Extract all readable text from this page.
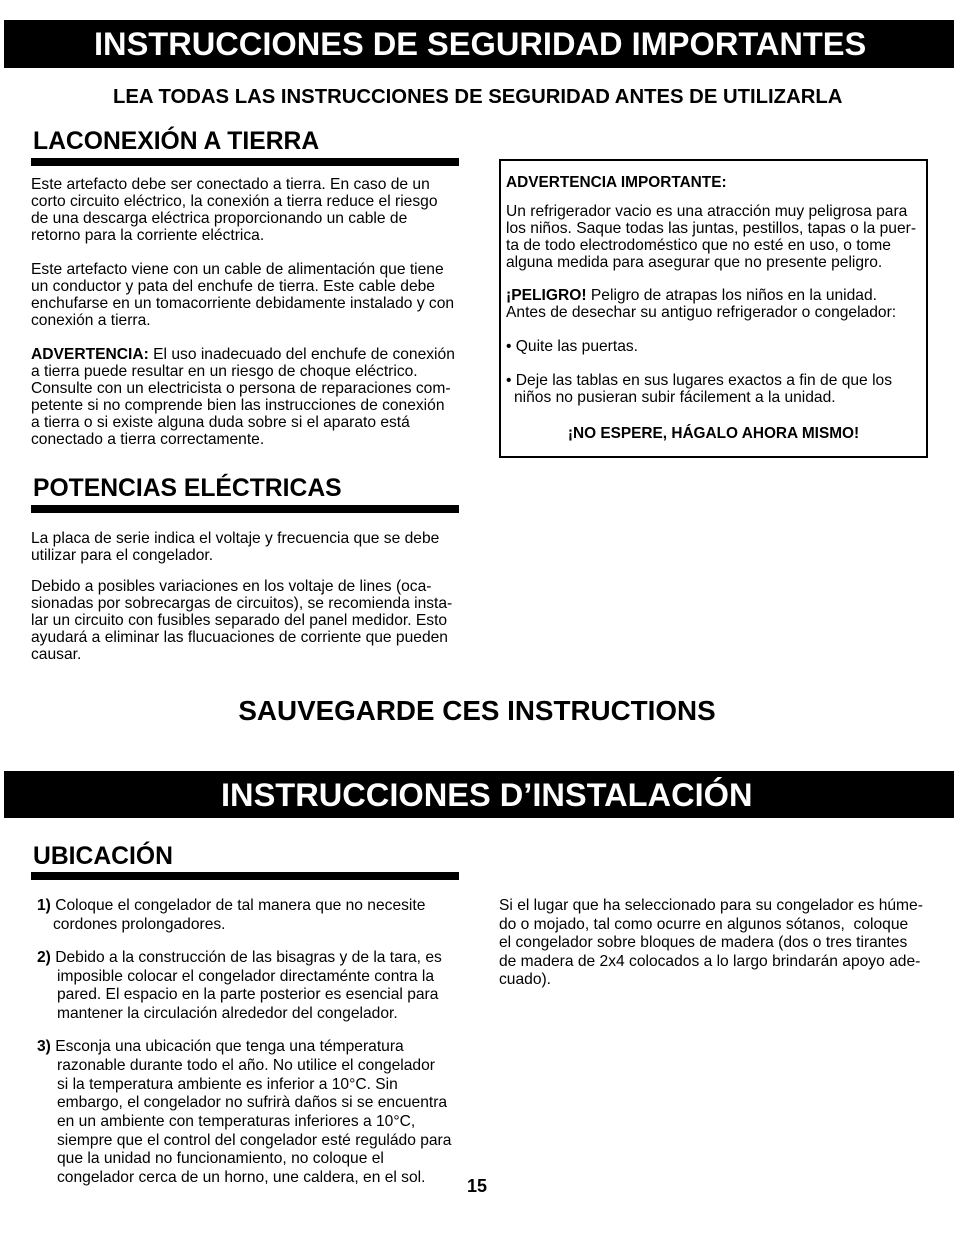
INSTRUCCIONES DE SEGURIDAD IMPORTANTES

LEA TODAS LAS INSTRUCCIONES DE SEGURIDAD ANTES DE UTILIZARLA

LACONEXIÓN A TIERRA

Este artefacto debe ser conectado a tierra. En caso de un
corto circuito eléctrico, la conexión a tierra reduce el riesgo
de una descarga eléctrica proporcionando un cable de
retorno para la corriente eléctrica.

Este artefacto viene con un cable de alimentación que tiene
un conductor y pata del enchufe de tierra. Este cable debe
enchufarse en un tomacorriente debidamente instalado y con
conexión a tierra.

ADVERTENCIA: El uso inadecuado del enchufe de conexión
a tierra puede resultar en un riesgo de choque eléctrico.
Consulte con un electricista o persona de reparaciones com-
petente si no comprende bien las instrucciones de conexión
a tierra o si existe alguna duda sobre si el aparato está
conectado a tierra correctamente.

ADVERTENCIA IMPORTANTE:

Un refrigerador vacio es una atracción muy peligrosa para
los niños. Saque todas las juntas, pestillos, tapas o la puer-
ta de todo electrodoméstico que no esté en uso, o tome
alguna medida para asegurar que no presente peligro.

¡PELIGRO! Peligro de atrapas los niños en la unidad.
Antes de desechar su antiguo refrigerador o congelador:

• Quite las puertas.

• Deje las tablas en sus lugares exactos a fin de que los
niños no pusieran subir fácilement a la unidad.

¡NO ESPERE, HÁGALO AHORA MISMO!

POTENCIAS ELÉCTRICAS

La placa de serie indica el voltaje y frecuencia que se debe
utilizar para el congelador.

Debido a posibles variaciones en los voltaje de lines (oca-
sionadas por sobrecargas de circuitos), se recomienda insta-
lar un circuito con fusibles separado del panel medidor. Esto
ayudará a eliminar las flucuaciones de corriente que pueden
causar.

SAUVEGARDE CES INSTRUCTIONS

INSTRUCCIONES D’INSTALACIÓN
UBICACIÓN

1) Coloque el congelador de tal manera que no necesite
cordones prolongadores.

2) Debido a la construcción de las bisagras y de la tara, es
imposible colocar el congelador directaménte contra la
pared. El espacio en la parte posterior es esencial para
mantener la circulación alrededor del congelador.

3) Esconja una ubicación que tenga una témperatura
razonable durante todo el año. No utilice el congelador
si la temperatura ambiente es inferior a 10°C. Sin
embargo, el congelador no sufrirà daños si se encuentra
en un ambiente con temperaturas inferiores a 10°C,
siempre que el control del congelador esté reguládo para
que la unidad no funcionamiento, no coloque el
congelador cerca de un horno, une caldera, en el sol.

Si el lugar que ha seleccionado para su congelador es húme-
do o mojado, tal como ocurre en algunos sótanos,  coloque
el congelador sobre bloques de madera (dos o tres tirantes
de madera de 2x4 colocados a lo largo brindarán apoyo ade-
cuado).

15
